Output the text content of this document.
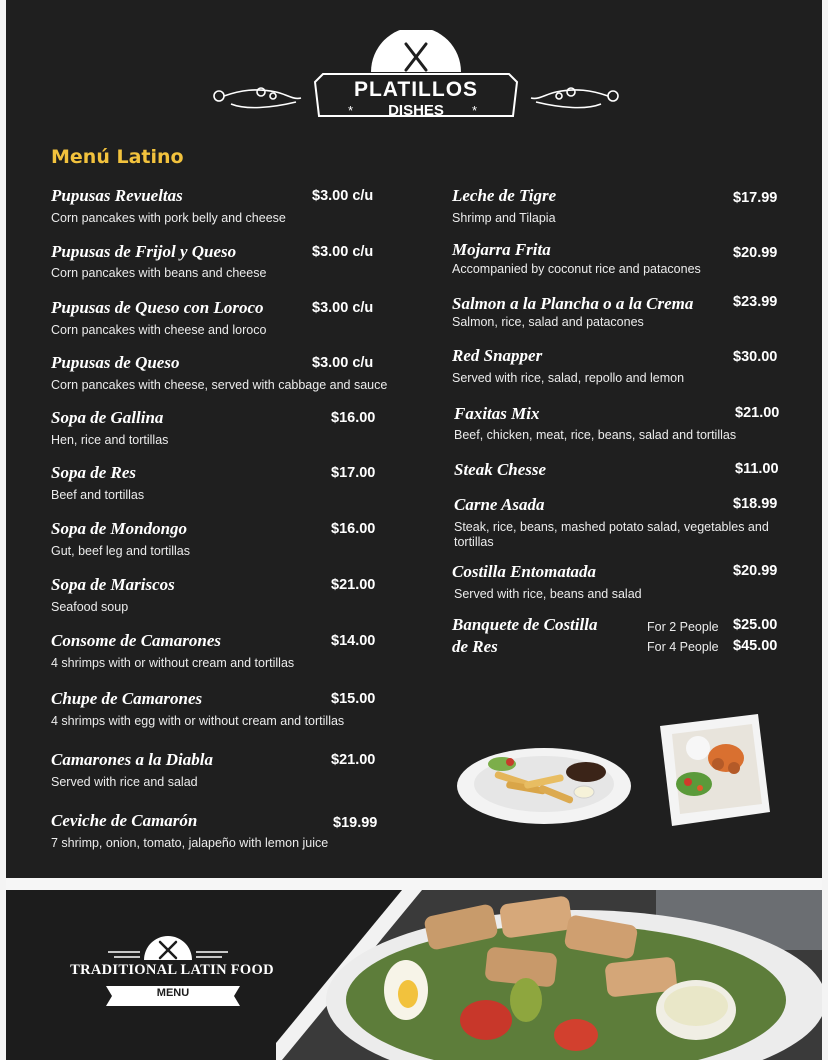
PLATILLOS
DISHES
*	*
Menú Latino
Pupusas Revueltas	$3.00 c/u
Corn pancakes with pork belly and cheese
Pupusas de Frijol y Queso	$3.00 c/u
Corn pancakes with beans and cheese
Pupusas de Queso con Loroco	$3.00 c/u
Corn pancakes with cheese and loroco
Pupusas de Queso	$3.00 c/u
Corn pancakes with cheese, served with cabbage and sauce
Sopa de Gallina	$16.00
Hen, rice and tortillas
Sopa de Res	$17.00
Beef and tortillas
Sopa de Mondongo	$16.00
Gut, beef leg and tortillas
Sopa de Mariscos	$21.00
Seafood soup
Consome de Camarones	$14.00
4 shrimps with or without cream and tortillas
Chupe de Camarones	$15.00
4 shrimps with egg with or without cream and tortillas
Camarones a la Diabla	$21.00
Served with rice and salad
Ceviche de Camarón	$19.99
7 shrimp, onion, tomato, jalapeño with lemon juice
Leche de Tigre	$17.99
Shrimp and Tilapia
Mojarra Frita	$20.99
Accompanied by coconut rice and patacones
Salmon a la Plancha o a la Crema	$23.99
Salmon, rice, salad and patacones
Red Snapper	$30.00
Served with rice, salad, repollo and lemon
Faxitas Mix	$21.00
Beef, chicken, meat, rice, beans, salad and tortillas
Steak Chesse	$11.00
Carne Asada	$18.99
Steak, rice, beans, mashed potato salad, vegetables and tortillas
Costilla Entomatada	$20.99
Served with rice, beans and salad
Banquete de Costilla
de Res
For 2 People $25.00
For 4 People $45.00
TRADITIONAL LATIN FOOD
MENU
